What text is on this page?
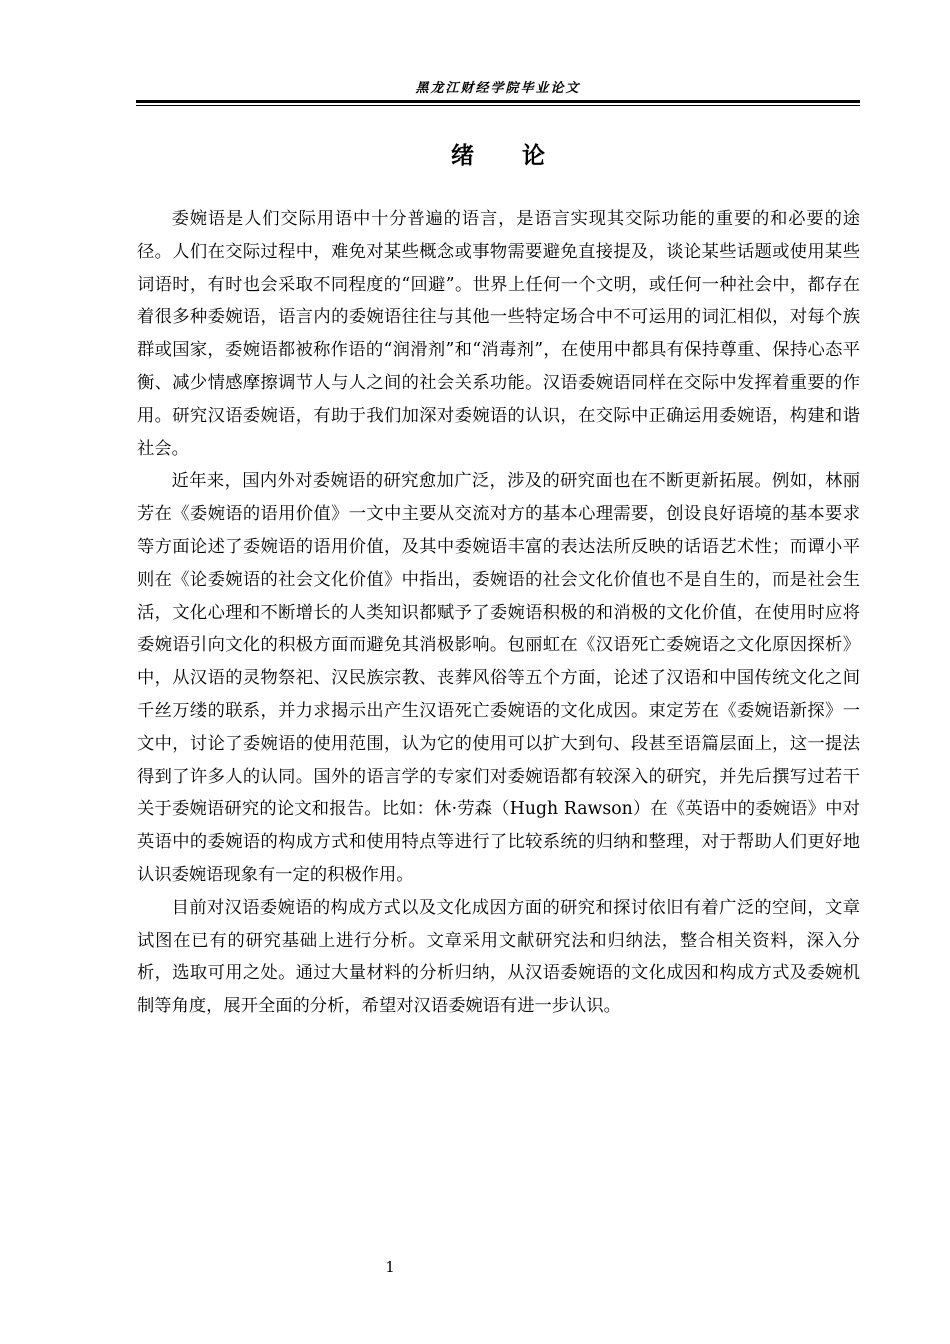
黑龙江财经学院毕业论文
绪论

委婉语是人们交际用语中十分普遍的语言，是语言实现其交际功能的重要的和必要的途径。人们在交际过程中，难免对某些概念或事物需要避免直接提及，谈论某些话题或使用某些词语时，有时也会采取不同程度的“回避”。世界上任何一个文明，或任何一种社会中，都存在着很多种委婉语，语言内的委婉语往往与其他一些特定场合中不可运用的词汇相似，对每个族群或国家，委婉语都被称作语的“润滑剂”和“消毒剂”，在使用中都具有保持尊重、保持心态平衡、减少情感摩擦调节人与人之间的社会关系功能。汉语委婉语同样在交际中发挥着重要的作用。研究汉语委婉语，有助于我们加深对委婉语的认识，在交际中正确运用委婉语，构建和谐社会。

近年来，国内外对委婉语的研究愈加广泛，涉及的研究面也在不断更新拓展。例如，林丽芳在《委婉语的语用价值》一文中主要从交流对方的基本心理需要，创设良好语境的基本要求等方面论述了委婉语的语用价值，及其中委婉语丰富的表达法所反映的话语艺术性；而谭小平则在《论委婉语的社会文化价值》中指出，委婉语的社会文化价值也不是自生的，而是社会生活，文化心理和不断增长的人类知识都赋予了委婉语积极的和消极的文化价值，在使用时应将委婉语引向文化的积极方面而避免其消极影响。包丽虹在《汉语死亡委婉语之文化原因探析》中，从汉语的灵物祭祀、汉民族宗教、丧葬风俗等五个方面，论述了汉语和中国传统文化之间千丝万缕的联系，并力求揭示出产生汉语死亡委婉语的文化成因。束定芳在《委婉语新探》一文中，讨论了委婉语的使用范围，认为它的使用可以扩大到句、段甚至语篇层面上，这一提法得到了许多人的认同。国外的语言学的专家们对委婉语都有较深入的研究，并先后撰写过若干关于委婉语研究的论文和报告。比如：休·劳森（Hugh Rawson）在《英语中的委婉语》中对英语中的委婉语的构成方式和使用特点等进行了比较系统的归纳和整理，对于帮助人们更好地认识委婉语现象有一定的积极作用。

目前对汉语委婉语的构成方式以及文化成因方面的研究和探讨依旧有着广泛的空间，文章试图在已有的研究基础上进行分析。文章采用文献研究法和归纳法，整合相关资料，深入分析，选取可用之处。通过大量材料的分析归纳，从汉语委婉语的文化成因和构成方式及委婉机制等角度，展开全面的分析，希望对汉语委婉语有进一步认识。

1
